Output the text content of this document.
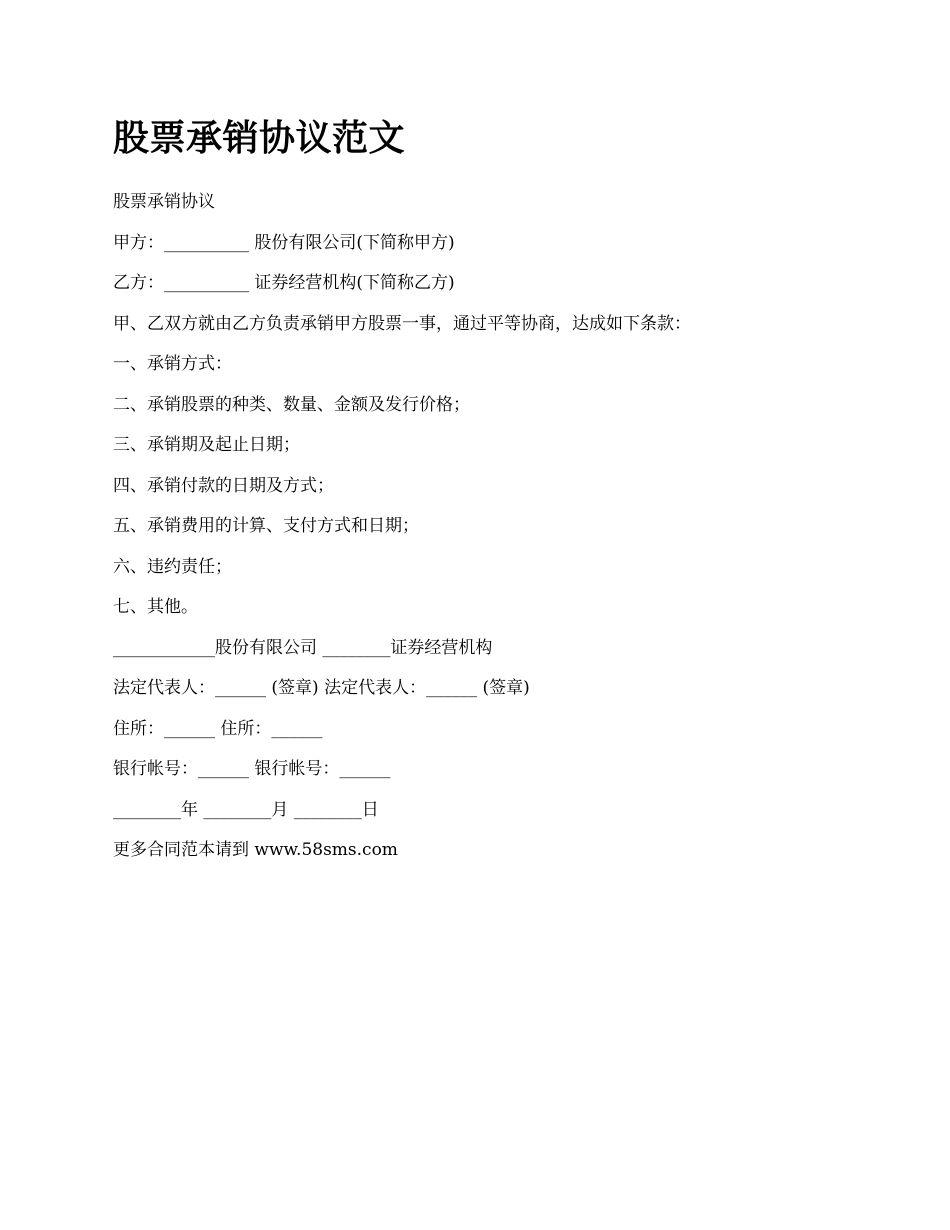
股票承销协议范文

股票承销协议

甲方：__________ 股份有限公司(下简称甲方)

乙方：__________ 证券经营机构(下简称乙方)

甲、乙双方就由乙方负责承销甲方股票一事，通过平等协商，达成如下条款：

一、承销方式：

二、承销股票的种类、数量、金额及发行价格；

三、承销期及起止日期；

四、承销付款的日期及方式；

五、承销费用的计算、支付方式和日期；

六、违约责任；

七、其他。

____________股份有限公司 ________证券经营机构

法定代表人：______ (签章) 法定代表人：______ (签章)

住所：______ 住所：______

银行帐号：______ 银行帐号：______

________年 ________月 ________日

更多合同范本请到 www.58sms.com
